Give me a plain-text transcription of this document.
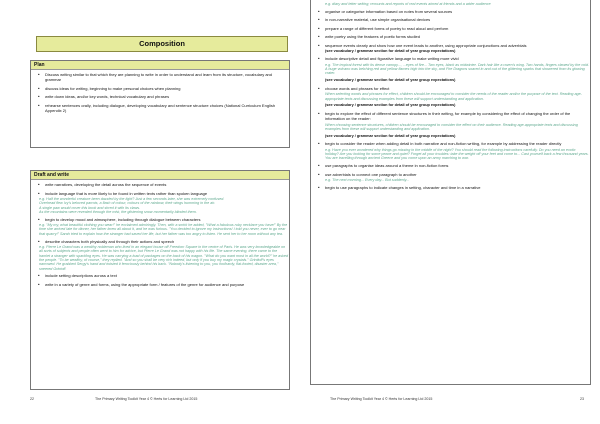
Composition
Plan
• Discuss writing similar to that which they are planning to write in order to understand and learn from its structure, vocabulary and grammar
• discuss ideas for writing, beginning to make personal choices when planning
• write down ideas, and/or key words, technical vocabulary and phrases
• rehearse sentences orally, including dialogue, developing vocabulary and sentence structure choices (National Curriculum English Appendix 2)
Draft and write
• write narratives, developing the detail across the sequence of events
• include language that is more likely to be found in written texts rather than spoken language
e.g. Half the wonderful creature been dazzled by the light? Just a few seconds later, she was extremely confused.
Overhead flew Ivy's beloved parrots, a flash of colour, colours of the rainbow, their wings humming in the air.
A single paw would cover this book and shred it with its claws.
As the mountains were revealed through the mist, the glistening snow momentarily blinded them.
• begin to develop mood and atmosphere, including through dialogue between characters
e.g. "My my, what beautiful clothing you wear!" he exclaimed admiringly. Then, with a smirk he added, "What a fabulous ruby necklace you have!" By the time she arrived late for dinner, her father knew all about it, and he was furious. "You decided to ignore my instructions! I told you never, ever to go near that quarry!" Sarah tried to explain how the stranger had saved her life, but her father was too angry to listen. He sent her to her room without any tea.
• describe characters both physically and through their actions and speech
e.g. Pierre Le Grand was a wealthy nobleman who lived in an elegant house off Freedom Square in the centre of Paris. He was very knowledgeable on all sorts of subjects and people often went to him for advice, but Pierre Le Grand was not happy with his life. The same evening, there came to the hamlet a stranger with sparkling eyes. He was carrying a load of packages on the back of his wagon. "What do you want most in all the world?" he asked the people. "To be wealthy, of course," they replied. "And so you shall be very rich indeed, but only if you buy my magic crystals." Grintloff's eyes narrowed. He grabbed Sergy's hand and twisted it ferociously behind his back. "Nobody's listening to you, you foolhardy, flat-footed, disaster area," sneered Grintoff.
• include setting descriptions across a text
• write in a variety of genre and forms, using the appropriate form / features of the genre for audience and purpose
22	The Primary Writing Toolkit Year 4 © Herts for Learning Ltd 2015
e.g. diary and letter writing; recounts and reports of real events aimed at friends and a wider audience
• organise or categorise information based on notes from several sources
• in non-narrative material, use simple organisational devices
• prepare a range of different forms of poetry to read aloud and perform
• write poetry using the features of poetic forms studied
• sequence events clearly and show how one event leads to another, using appropriate conjunctions and adverbials
(see vocabulary / grammar section for detail of year group expectations)
• include descriptive detail and figurative language to make writing more vivid
e.g. The tropical forest with its dense canopy..., ...eyes of fire... Two eyes, black as midwinter. Dark hair like a raven's wing. Two hands, fingers clawed by the cold. A huge volcano was belching red and yellow flames high into the sky, and Fire Dragons soared in and out of the glittering sparks that showered from its glowing crater.
(see vocabulary / grammar section for detail of year group expectations)
• choose words and phrases for effect
When selecting words and phrases for effect, children should be encouraged to consider the needs of the reader and/or the purpose of the text. Reading age-appropriate texts and discussing examples from these will support understanding and application.
(see vocabulary / grammar section for detail of year group expectations)
• begin to explore the effect of different sentence structures in their writing, for example by considering the effect of changing the order of the information on the reader:
When choosing sentence structures, children should be encouraged to consider the effect on their audience. Reading age-appropriate texts and discussing examples from these will support understanding and application.
(see vocabulary / grammar section for detail of year group expectations)
• begin to consider the reader when adding detail in both narrative and non-fiction writing, for example by addressing the reader directly
e.g. Have you ever wondered why things go missing in the middle of the night? You should read the following instructions carefully. Do you need an exotic holiday? Are you looking for some peace and quiet? Forget all your troubles: take the weight off your feet and come to... Cast yourself back a few thousand years. You are travelling through ancient Greece and you come upon an army marching to war.
• use paragraphs to organise ideas around a theme in non-fiction forms
• use adverbials to connect one paragraph to another
e.g. The next morning... Every day... But suddenly...
• begin to use paragraphs to indicate changes in setting, character and time in a narrative
The Primary Writing Toolkit Year 4 © Herts for Learning Ltd 2015	23
